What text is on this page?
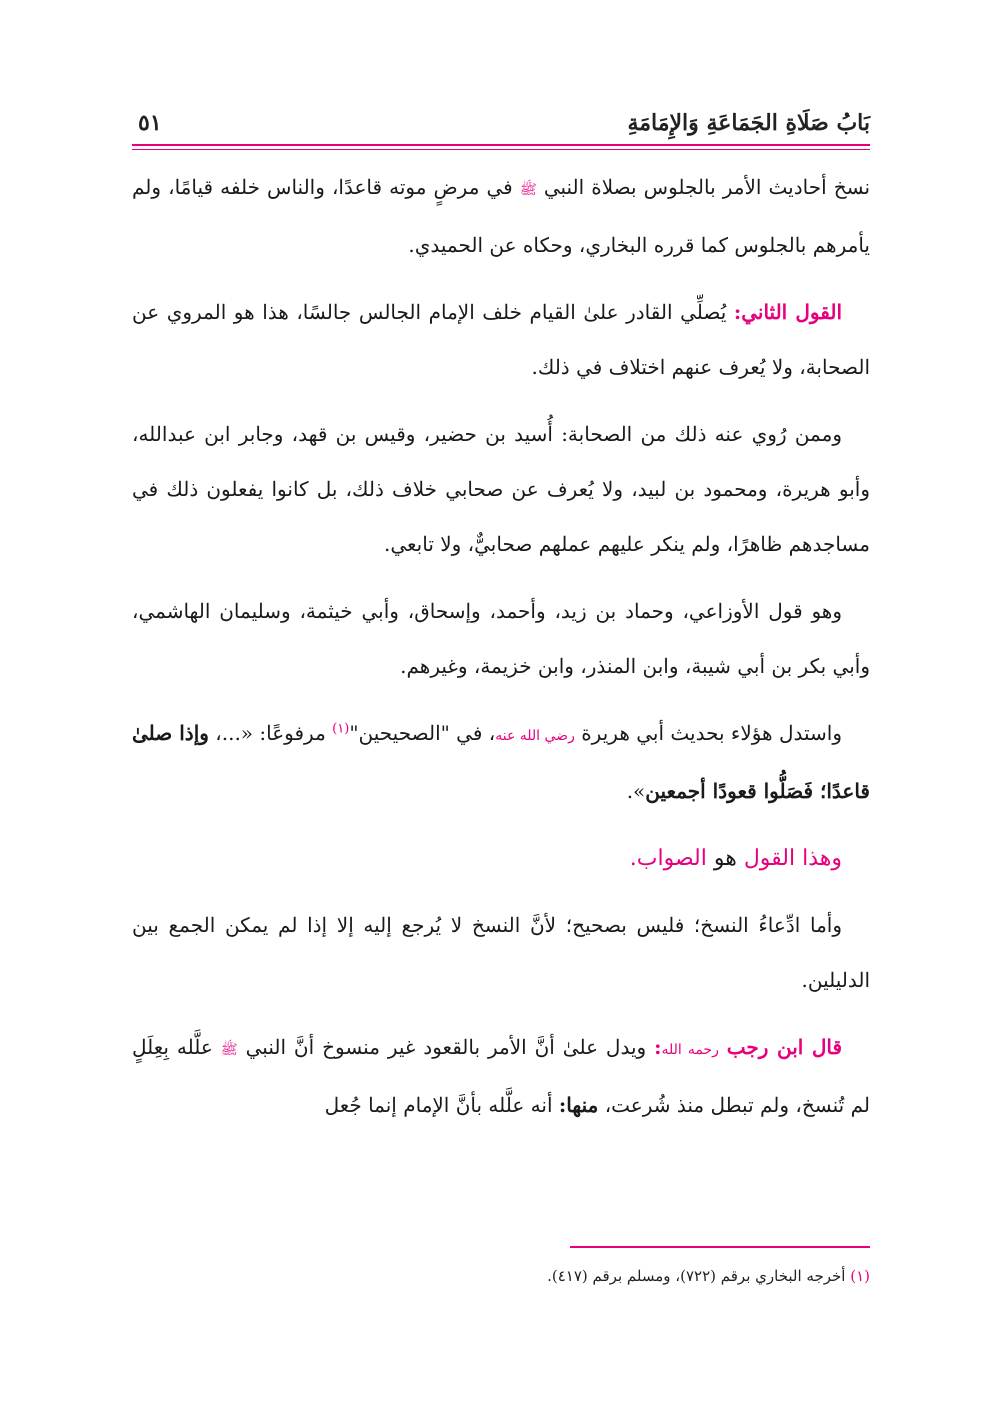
بَابُ صَلَاةِ الجَمَاعَةِ وَالإِمَامَةِ
٥١

نسخ أحاديث الأمر بالجلوس بصلاة النبي ﷺ في مرضٍ موته قاعدًا، والناس خلفه قيامًا، ولم يأمرهم بالجلوس كما قرره البخاري، وحكاه عن الحميدي.

القول الثاني: يُصلِّي القادر علىٰ القيام خلف الإمام الجالس جالسًا، هذا هو المروي عن الصحابة، ولا يُعرف عنهم اختلاف في ذلك.

وممن رُوي عنه ذلك من الصحابة: أُسيد بن حضير، وقيس بن قهد، وجابر ابن عبدالله، وأبو هريرة، ومحمود بن لبيد، ولا يُعرف عن صحابي خلاف ذلك، بل كانوا يفعلون ذلك في مساجدهم ظاهرًا، ولم ينكر عليهم عملهم صحابيٌّ، ولا تابعي.

وهو قول الأوزاعي، وحماد بن زيد، وأحمد، وإسحاق، وأبي خيثمة، وسليمان الهاشمي، وأبي بكر بن أبي شيبة، وابن المنذر، وابن خزيمة، وغيرهم.

واستدل هؤلاء بحديث أبي هريرة رضي الله عنه، في "الصحيحين"$^{(١)}$ مرفوعًا: «...، وإذا صلىٰ قاعدًا؛ فَصَلُّوا قعودًا أجمعين».

وهذا القول هو الصواب.

وأما ادِّعاءُ النسخ؛ فليس بصحيح؛ لأنَّ النسخ لا يُرجع إليه إلا إذا لم يمكن الجمع بين الدليلين.

قال ابن رجب رحمه الله: ويدل علىٰ أنَّ الأمر بالقعود غير منسوخ أنَّ النبي ﷺ علَّله بِعِلَلٍ لم تُنسخ، ولم تبطل منذ شُرعت، منها: أنه علَّله بأنَّ الإمام إنما جُعل

(١) أخرجه البخاري برقم (٧٢٢)، ومسلم برقم (٤١٧).
